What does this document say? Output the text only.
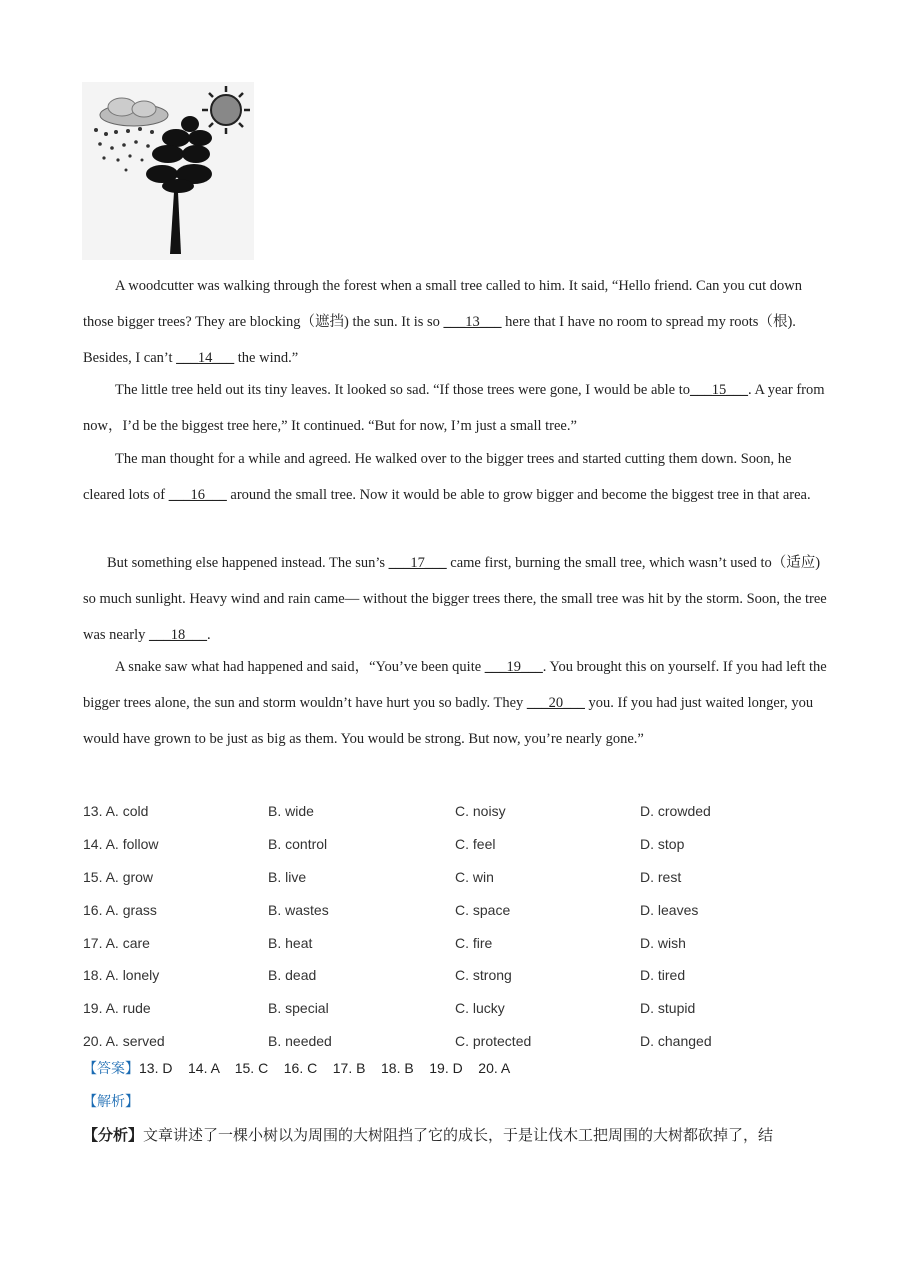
A woodcutter was walking through the forest when a small tree called to him. It said, “Hello friend. Can you cut down those bigger trees? They are blocking（遮挡) the sun. It is so ___13___ here that I have no room to spread my roots（根). Besides, I can’t ___14___ the wind.”

The little tree held out its tiny leaves. It looked so sad. “If those trees were gone, I would be able to___15___. A year from now，I’d be the biggest tree here,” It continued. “But for now, I’m just a small tree.”

The man thought for a while and agreed. He walked over to the bigger trees and started cutting them down. Soon, he cleared lots of ___16___ around the small tree. Now it would be able to grow bigger and become the biggest tree in that area.

But something else happened instead. The sun’s ___17___ came first, burning the small tree, which wasn’t used to（适应) so much sunlight. Heavy wind and rain came— without the bigger trees there, the small tree was hit by the storm. Soon, the tree was nearly ___18___.

A snake saw what had happened and said，“You’ve been quite ___19___. You brought this on yourself. If you had left the bigger trees alone, the sun and storm wouldn’t have hurt you so badly. They ___20___ you. If you had just waited longer, you would have grown to be just as big as them. You would be strong. But now, you’re nearly gone.”

13. A. cold	B. wide	C. noisy	D. crowded
14. A. follow	B. control	C. feel	D. stop
15. A. grow	B. live	C. win	D. rest
16. A. grass	B. wastes	C. space	D. leaves
17. A. care	B. heat	C. fire	D. wish
18. A. lonely	B. dead	C. strong	D. tired
19. A. rude	B. special	C. lucky	D. stupid
20. A. served	B. needed	C. protected	D. changed
【答案】13. D    14. A    15. C    16. C    17. B    18. B    19. D    20. A
【解析】
【分析】文章讲述了一棵小树以为周围的大树阻挡了它的成长，于是让伐木工把周围的大树都砍掉了，结
